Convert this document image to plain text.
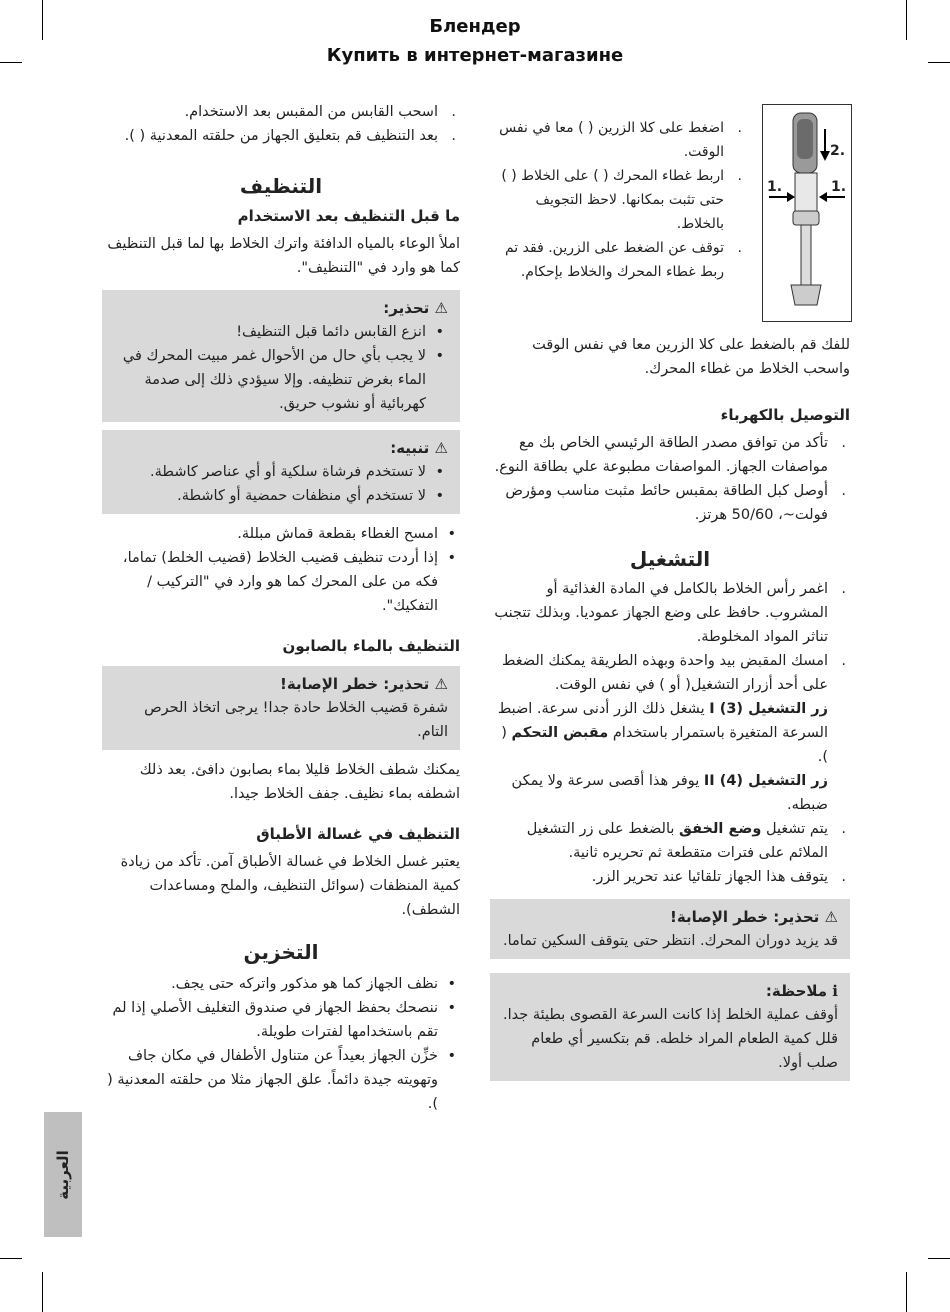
Блендер
Купить в интернет-магазине
2.
1.	1.
. اضغط على كلا الزرين ( ) معا في نفس الوقت.
. اربط غطاء المحرك ( ) على الخلاط ( ) حتى تثبت بمكانها. لاحظ التجويف بالخلاط.
. توقف عن الضغط على الزرين. فقد تم ربط غطاء المحرك والخلاط بإحكام.

للفك قم بالضغط على كلا الزرين معا في نفس الوقت واسحب الخلاط من غطاء المحرك.

التوصيل بالكهرباء

. تأكد من توافق مصدر الطاقة الرئيسي الخاص بك مع مواصفات الجهاز. المواصفات مطبوعة علي بطاقة النوع.
. أوصل كبل الطاقة بمقبس حائط مثبت مناسب ومؤرض فولت~، 50/60 هرتز.

التشغيل

. اغمر رأس الخلاط بالكامل في المادة الغذائية أو المشروب. حافظ على وضع الجهاز عموديا. وبذلك تتجنب تناثر المواد المخلوطة.
. امسك المقبض بيد واحدة وبهذه الطريقة يمكنك الضغط على أحد أزرار التشغيل( أو ) في نفس الوقت.
زر التشغيل I (3) يشغل ذلك الزر أدنى سرعة. اضبط السرعة المتغيرة باستمرار باستخدام مقبض التحكم ( ).
زر التشغيل II (4) يوفر هذا أقصى سرعة ولا يمكن ضبطه.
. يتم تشغيل وضع الخفق بالضغط على زر التشغيل الملائم على فترات متقطعة ثم تحريره ثانية.
. يتوقف هذا الجهاز تلقائيا عند تحرير الزر.
⚠ تحذير: خطر الإصابة!

قد يزيد دوران المحرك. انتظر حتى يتوقف السكين تماما.

ℹ ملاحظة:

أوقف عملية الخلط إذا كانت السرعة القصوى بطيئة جدا. قلل كمية الطعام المراد خلطه. قم بتكسير أي طعام صلب أولا.

. اسحب القابس من المقبس بعد الاستخدام.
. بعد التنظيف قم بتعليق الجهاز من حلقته المعدنية ( ).

التنظيف

ما قبل التنظيف بعد الاستخدام

املأ الوعاء بالمياه الدافئة واترك الخلاط بها لما قبل التنظيف كما هو وارد في "التنظيف".

⚠ تحذير:
• انزع القابس دائما قبل التنظيف!
• لا يجب بأي حال من الأحوال غمر مبيت المحرك في الماء بغرض تنظيفه. وإلا سيؤدي ذلك إلى صدمة كهربائية أو نشوب حريق.
⚠ تنبيه:
• لا تستخدم فرشاة سلكية أو أي عناصر كاشطة.
• لا تستخدم أي منظفات حمضية أو كاشطة.
• امسح الغطاء بقطعة قماش مبللة.
• إذا أردت تنظيف قضيب الخلاط (قضيب الخلط) تماما، فكه من على المحرك كما هو وارد في "التركيب / التفكيك".

التنظيف بالماء بالصابون

⚠ تحذير: خطر الإصابة!

شفرة قضيب الخلاط حادة جدا! يرجى اتخاذ الحرص التام.

يمكنك شطف الخلاط قليلا بماء بصابون دافئ. بعد ذلك اشطفه بماء نظيف. جفف الخلاط جيدا.

التنظيف في غسالة الأطباق

يعتبر غسل الخلاط في غسالة الأطباق آمن. تأكد من زيادة كمية المنظفات (سوائل التنظيف، والملح ومساعدات الشطف).

التخزين

• نظف الجهاز كما هو مذكور واتركه حتى يجف.
• ننصحك بحفظ الجهاز في صندوق التغليف الأصلي إذا لم تقم باستخدامها لفترات طويلة.
• خزِّن الجهاز بعيداً عن متناول الأطفال في مكان جاف وتهويته جيدة دائماً. علق الجهاز مثلا من حلقته المعدنية ( ).
العربية
